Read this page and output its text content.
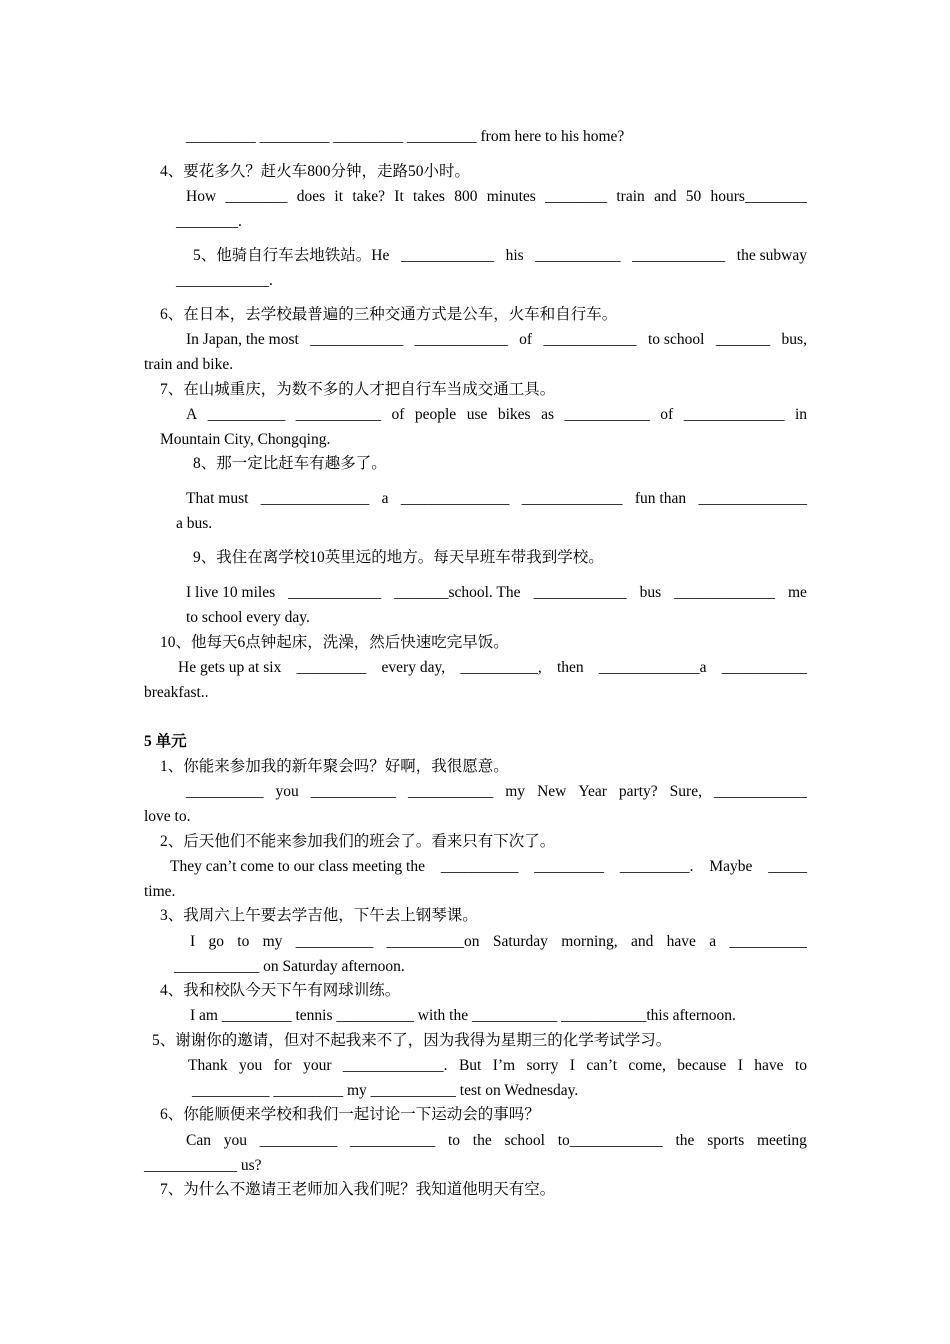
_________ _________ _________ _________ from here to his home?
4、要花多久？赶火车800分钟，走路50小时。
How ________ does it take? It takes 800 minutes ________ train and 50 hours________
________.
5、他骑自行车去地铁站。He ____________ his ___________ ____________ the subway
____________.
6、在日本，去学校最普遍的三种交通方式是公车，火车和自行车。
In Japan, the most ____________ ____________ of ____________ to school _______ bus,
train and bike.
7、在山城重庆，为数不多的人才把自行车当成交通工具。
A __________ ___________ of people use bikes as ___________ of _____________ in
Mountain City, Chongqing.
8、那一定比赶车有趣多了。
That must ______________ a ______________ _____________ fun than ______________
a bus.
9、我住在离学校10英里远的地方。每天早班车带我到学校。
I live 10 miles ____________ _______school. The ____________ bus _____________ me
to school every day.
10、他每天6点钟起床，洗澡，然后快速吃完早饭。
He gets up at six _________ every day, __________, then _____________a ___________
breakfast..
5 单元
1、你能来参加我的新年聚会吗？好啊，我很愿意。
__________ you ___________ ___________ my New Year party? Sure, ____________
love to.
2、后天他们不能来参加我们的班会了。看来只有下次了。
They can’t come to our class meeting the __________ _________ _________. Maybe _____
time.
3、我周六上午要去学吉他，下午去上钢琴课。
I go to my __________ __________on Saturday morning, and have a __________
___________ on Saturday afternoon.
4、我和校队今天下午有网球训练。
I am _________ tennis __________ with the ___________ ___________this afternoon.
5、谢谢你的邀请，但对不起我来不了，因为我得为星期三的化学考试学习。
Thank you for your _____________. But I’m sorry I can’t come, because I have to
__________ _________ my ___________ test on Wednesday.
6、你能顺便来学校和我们一起讨论一下运动会的事吗？
Can you __________ ___________ to the school to____________ the sports meeting
____________ us?
7、为什么不邀请王老师加入我们呢？我知道他明天有空。
